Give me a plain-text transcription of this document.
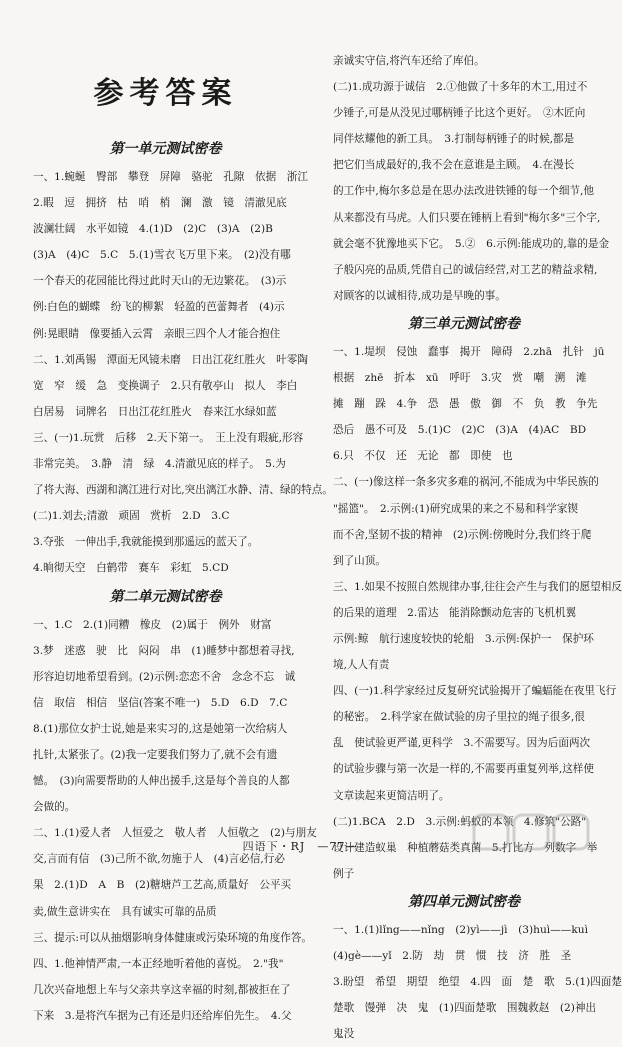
参考答案
第一单元测试密卷

一、1.蜿蜒　臀部　攀登　屏障　骆驼　孔隙　依据　浙江

2.暇　逗　拥挤　枯　哨　梢　澜　激　镜　清澈见底

波澜壮阔　水平如镜　4.(1)D　(2)C　(3)A　(2)B

(3)A　(4)C　5.C　5.(1)雪衣飞万里下来。　(2)没有哪

一个春天的花园能比得过此时天山的无边繁花。　(3)示

例:白色的蝴蝶　纷飞的柳絮　轻盈的芭蕾舞者　(4)示

例:晃眼睛　像要插入云霄　亲眼三四个人才能合抱住

二、1.刘禹锡　潭面无风镜未磨　日出江花红胜火　叶零陶

宽　窄　缓　急　变换调子　2.只有敬亭山　拟人　李白

白居易　词牌名　日出江花红胜火　春来江水绿如蓝

三、(一)1.玩赏　后移　2.天下第一。　王上没有瑕疵,形容

非常完美。　3.静　清　绿　4.清澈见底的样子。　5.为

了将大海、西湖和漓江进行对比,突出漓江水静、清、绿的特点。

(二)1.刘去;清澈　顽固　赏析　2.D　3.C

3.夺张　一伸出手,我就能摸到那遥远的蓝天了。

4.晌彻天空　白鹤带　赛车　彩虹　5.CD

第二单元测试密卷

一、1.C　2.(1)同糟　橡皮　(2)属于　例外　财富

3.梦　迷惑　驶　比　闷闷　串　(1)睡梦中都想着寻找,

形容迫切地希望看到。(2)示例:恋恋不舍　念念不忘　诚

信　取信　相信　坚信(答案不唯一)　5.D　6.D　7.C

8.(1)那位女护士说,她是来实习的,这是她第一次给病人

扎针,太紧张了。(2)我一定要我们努力了,就不会有遗

憾。　(3)向需要帮助的人伸出援手,这是每个善良的人都

会做的。

二、1.(1)爱人者　人恒爱之　敬人者　人恒敬之　(2)与朋友

交,言而有信　(3)己所不欲,勿施于人　(4)言必信,行必

果　2.(1)D　A　B　(2)糖塘芦工艺高,质量好　公平买

卖,做生意讲实在　具有诚实可靠的品质

三、提示:可以从抽烟影响身体健康或污染环境的角度作答。

四、1.他神情严肃,一本正经地听着他的喜悦。　2."我"

几次兴奋地想上车与父亲共享这幸福的时刻,都被拒在了

下来　3.是将汽车据为己有还是归还给库伯先生。　4.父

亲诚实守信,将汽车还给了库伯。

(二)1.成功源于诚信　2.①他做了十多年的木工,用过不

少锤子,可是从没见过哪柄锤子比这个更好。　②木匠向

同伴炫耀他的新工具。　3.打制每柄锤子的时候,都是

把它们当成最好的,我不会在意谁是主顾。　4.在漫长

的工作中,梅尔多总是在思办法改进铁锤的每一个细节,他

从来都没有马虎。人们只要在锤柄上看到"梅尔多"三个字,

就会毫不犹豫地买下它。　5.②　6.示例:能成功的,靠的是金

子般闪亮的品质,凭借自己的诚信经营,对工艺的精益求精,

对顾客的以诚相待,成功是早晚的事。

第三单元测试密卷

一、1.堤坝　侵蚀　蠢事　揭开　障碍　2.zhā　扎针　jū

根据　zhē　折本　xū　呼吁　3.灾　赏　嘲　溯　滩

摊　蹦　跺　4.争　恐　愚　傲　御　不　负　教　争先

恐后　愚不可及　5.(1)C　(2)C　(3)A　(4)AC　BD

6.只　不仅　还　无论　都　即使　也

二、(一)像这样一条多灾多难的祸河,不能成为中华民族的

"摇篮"。　2.示例:(1)研究成果的来之不易和科学家锲

而不舍,坚韧不拔的精神　(2)示例:傍晚时分,我们终于爬

到了山顶。

三、1.如果不按照自然规律办事,往往会产生与我们的愿望相反

的后果的道理　2.雷达　能消除颤动危害的飞机机翼

示例:鲸　航行速度较快的轮船　3.示例:保护一　保护环

境,人人有责

四、(一)1.科学家经过反复研究试验揭开了蝙蝠能在夜里飞行

的秘密。　2.科学家在做试验的房子里拉的绳子很多,很

乱　使试验更严谨,更科学　3.不需要写。因为后面两次

的试验步骤与第一次是一样的,不需要再重复列举,这样使

文章读起来更简洁明了。

(二)1.BCA　2.D　3.示例:蚂蚁的本领　4.修筑"公路"

设计建造蚁巢　种植蘑菇类真菌　5.打比方　列数字　举

例子

第四单元测试密卷

一、1.(1)lǐng——nǐng　(2)yì——jì　(3)huì——kuì

(4)gè——yǐ　2.防　劫　贯　惯　技　济　胜　圣

3.盼望　希望　期望　绝望　4.四　面　楚　歌　5.(1)四面楚

楚歌　馒弹　决　鬼　(1)四面楚歌　围魏救赵　(2)神出

鬼没

四语下・RJ　—77—
